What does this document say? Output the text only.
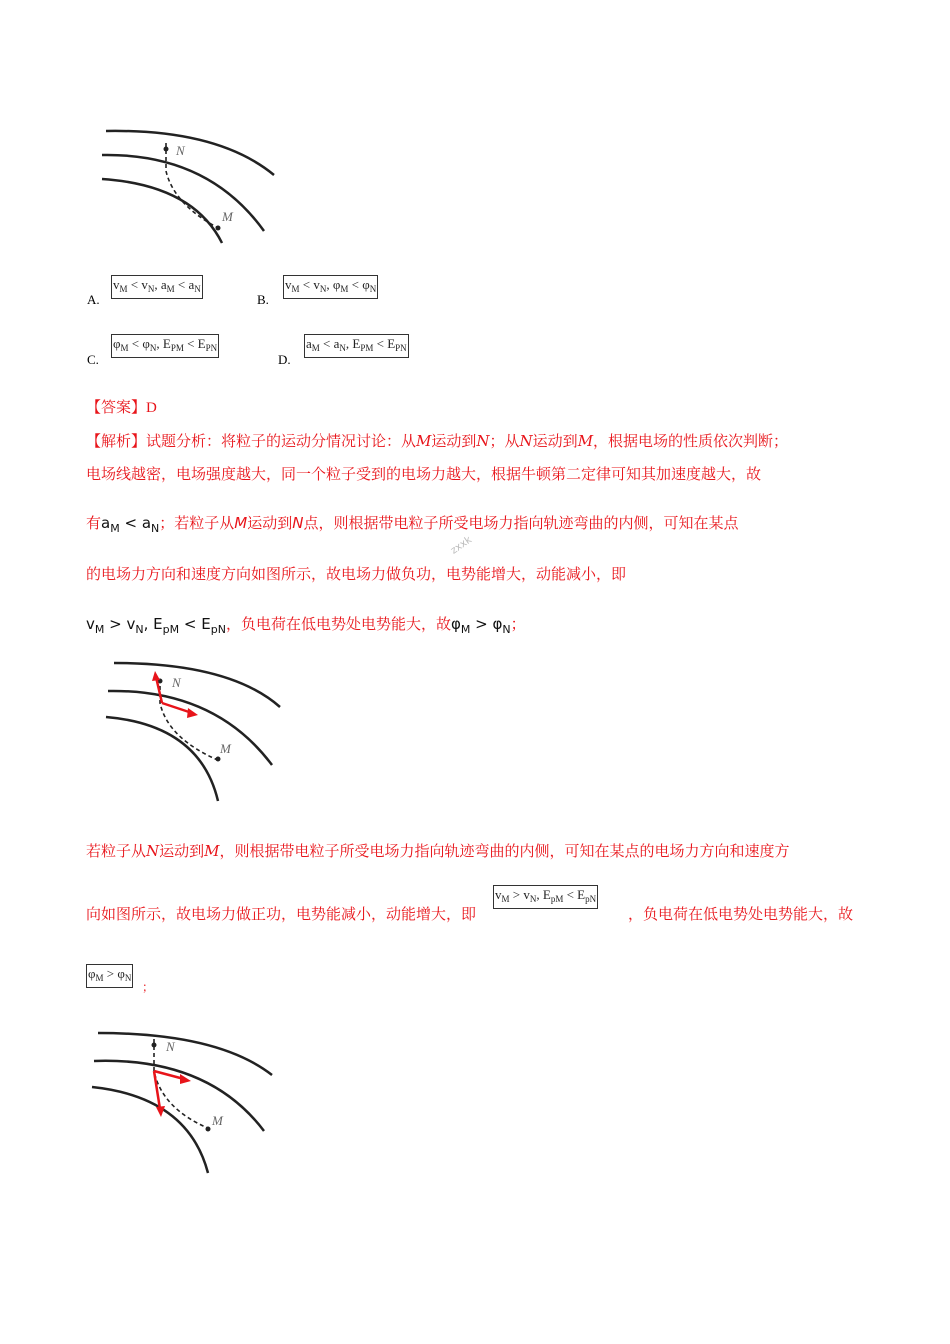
N
M
A.
$v_M < v_N$, $a_M < a_N$
B.
$v_M < v_N$, $\varphi_M < \varphi_N$
C.
$\varphi_M < \varphi_N$, $E_{PM} < E_{PN}$
D.
$a_M < a_N$, $E_{PM} < E_{PN}$
【答案】D
【解析】试题分析：将粒子的运动分情况讨论：从M运动到N；从N运动到M，根据电场的性质依次判断；
电场线越密，电场强度越大，同一个粒子受到的电场力越大，根据牛顿第二定律可知其加速度越大，故
有$a_M < a_N$；若粒子从M运动到N点，则根据带电粒子所受电场力指向轨迹弯曲的内侧，可知在某点
zxxk
的电场力方向和速度方向如图所示，故电场力做负功，电势能增大，动能减小，即
$v_M > v_N$, $E_{pM} < E_{pN}$，负电荷在低电势处电势能大，故$\varphi_M > \varphi_N$；
N
M
若粒子从N运动到M，则根据带电粒子所受电场力指向轨迹弯曲的内侧，可知在某点的电场力方向和速度方
向如图所示，故电场力做正功，电势能减小，动能增大，即
$v_M > v_N$, $E_{pM} < E_{pN}$
，负电荷在低电势处电势能大，故
$\varphi_M > \varphi_N$
；
N
M
